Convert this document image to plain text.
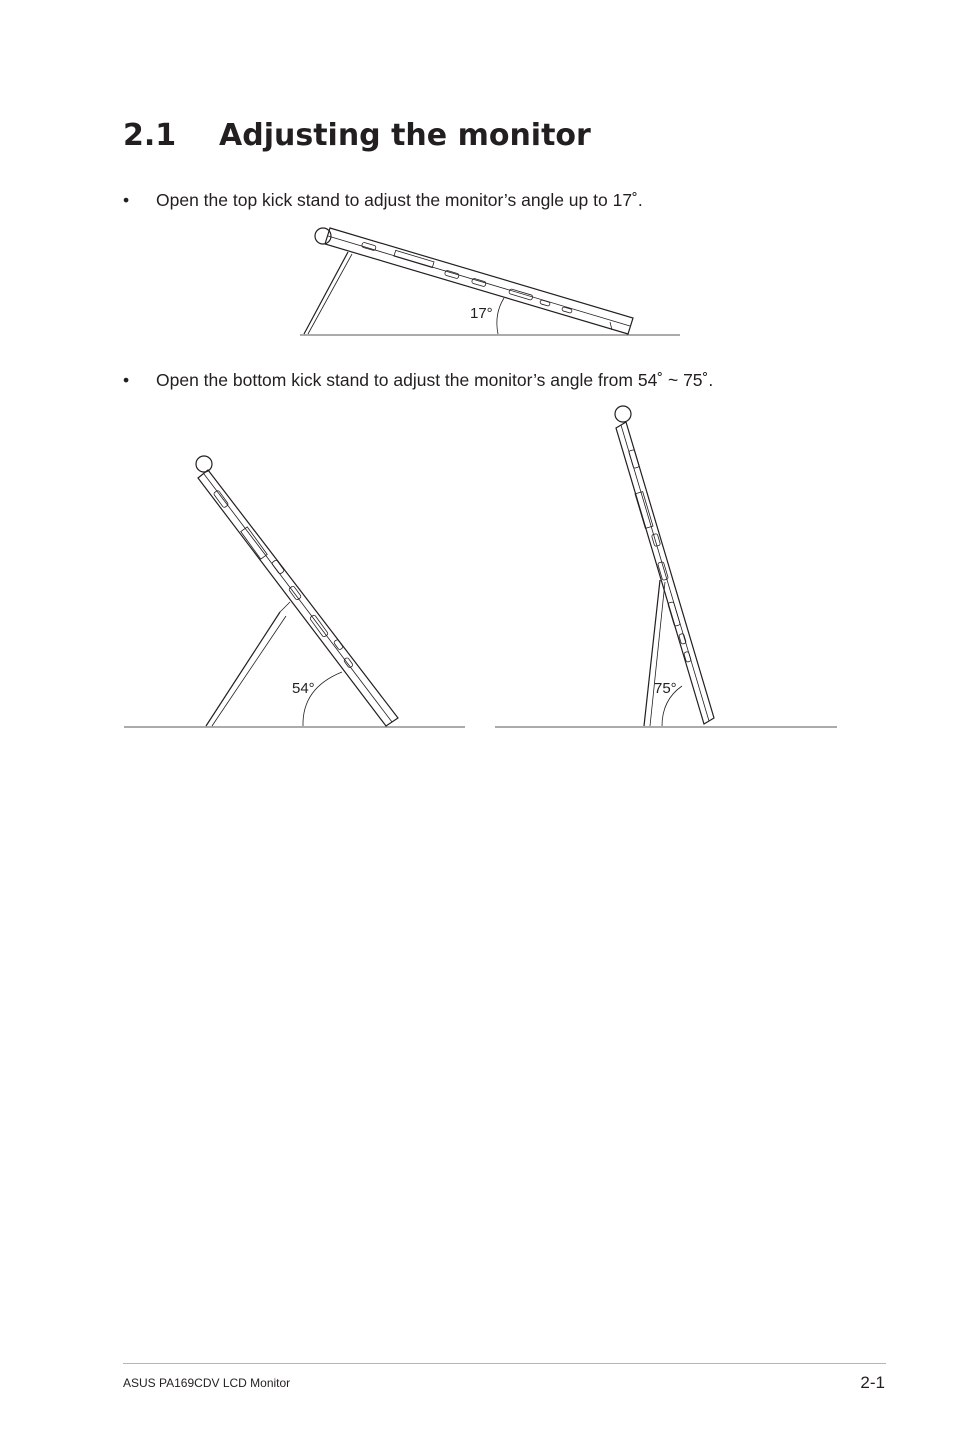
2.1 Adjusting the monitor

• Open the top kick stand to adjust the monitor’s angle up to 17˚.

17°

• Open the bottom kick stand to adjust the monitor’s angle from 54˚ ~ 75˚.

54°	75°
ASUS PA169CDV LCD Monitor	2-1
